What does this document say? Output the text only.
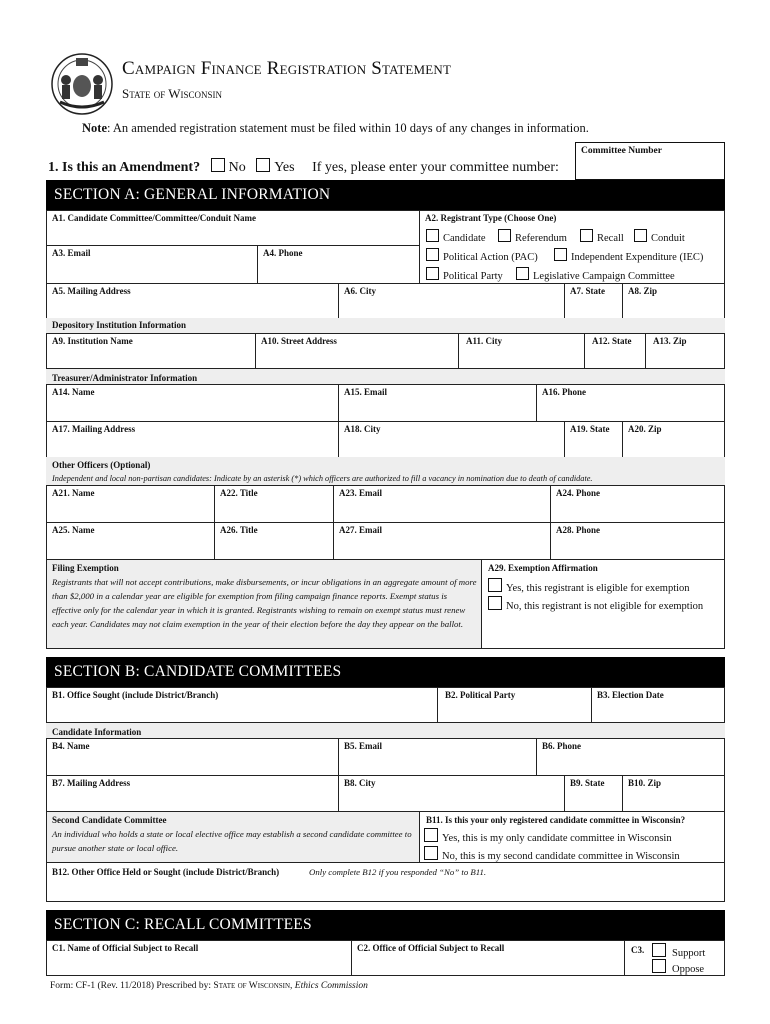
Campaign Finance Registration Statement
State of Wisconsin
Note: An amended registration statement must be filed within 10 days of any changes in information.
1. Is this an Amendment? No Yes If yes, please enter your committee number:
Committee Number
SECTION A: GENERAL INFORMATION
A1. Candidate Committee/Committee/Conduit Name	A2. Registrant Type (Choose One)
Candidate	Referendum	Recall	Conduit
Political Action (PAC)	Independent Expenditure (IEC)
Political Party	Legislative Campaign Committee
A3. Email	A4. Phone
A5. Mailing Address	A6. City	A7. State	A8. Zip
Depository Institution Information
A9. Institution Name	A10. Street Address	A11. City	A12. State A13. Zip
Treasurer/Administrator Information
A14. Name	A15. Email	A16. Phone
A17. Mailing Address	A18. City	A19. State A20. Zip
Other Officers (Optional)
Independent and local non-partisan candidates: Indicate by an asterisk (*) which officers are authorized to fill a vacancy in nomination due to death of candidate.
A21. Name	A22. Title	A23. Email	A24. Phone
A25. Name	A26. Title	A27. Email	A28. Phone
Filing Exemption
Registrants that will not accept contributions, make disbursements, or incur obligations in an aggregate amount of more than $2,000 in a calendar year are eligible for exemption from filing campaign finance reports. Exempt status is effective only for the calendar year in which it is granted. Registrants wishing to remain on exempt status must renew each year. Candidates may not claim exemption in the year of their election before the day they appear on the ballot.
A29. Exemption Affirmation
Yes, this registrant is eligible for exemption
No, this registrant is not eligible for exemption
SECTION B: CANDIDATE COMMITTEES
B1. Office Sought (include District/Branch)	B2. Political Party	B3. Election Date
Candidate Information
B4. Name	B5. Email	B6. Phone
B7. Mailing Address	B8. City	B9. State	B10. Zip
Second Candidate Committee
An individual who holds a state or local elective office may establish a second candidate committee to pursue another state or local office.
B11. Is this your only registered candidate committee in Wisconsin?
Yes, this is my only candidate committee in Wisconsin
No, this is my second candidate committee in Wisconsin
B12. Other Office Held or Sought (include District/Branch)	Only complete B12 if you responded “No” to B11.
SECTION C: RECALL COMMITTEES
C1. Name of Official Subject to Recall	C2. Office of Official Subject to Recall	C3.	Support
Oppose
Form: CF-1 (Rev. 11/2018) Prescribed by: State of Wisconsin, Ethics Commission
